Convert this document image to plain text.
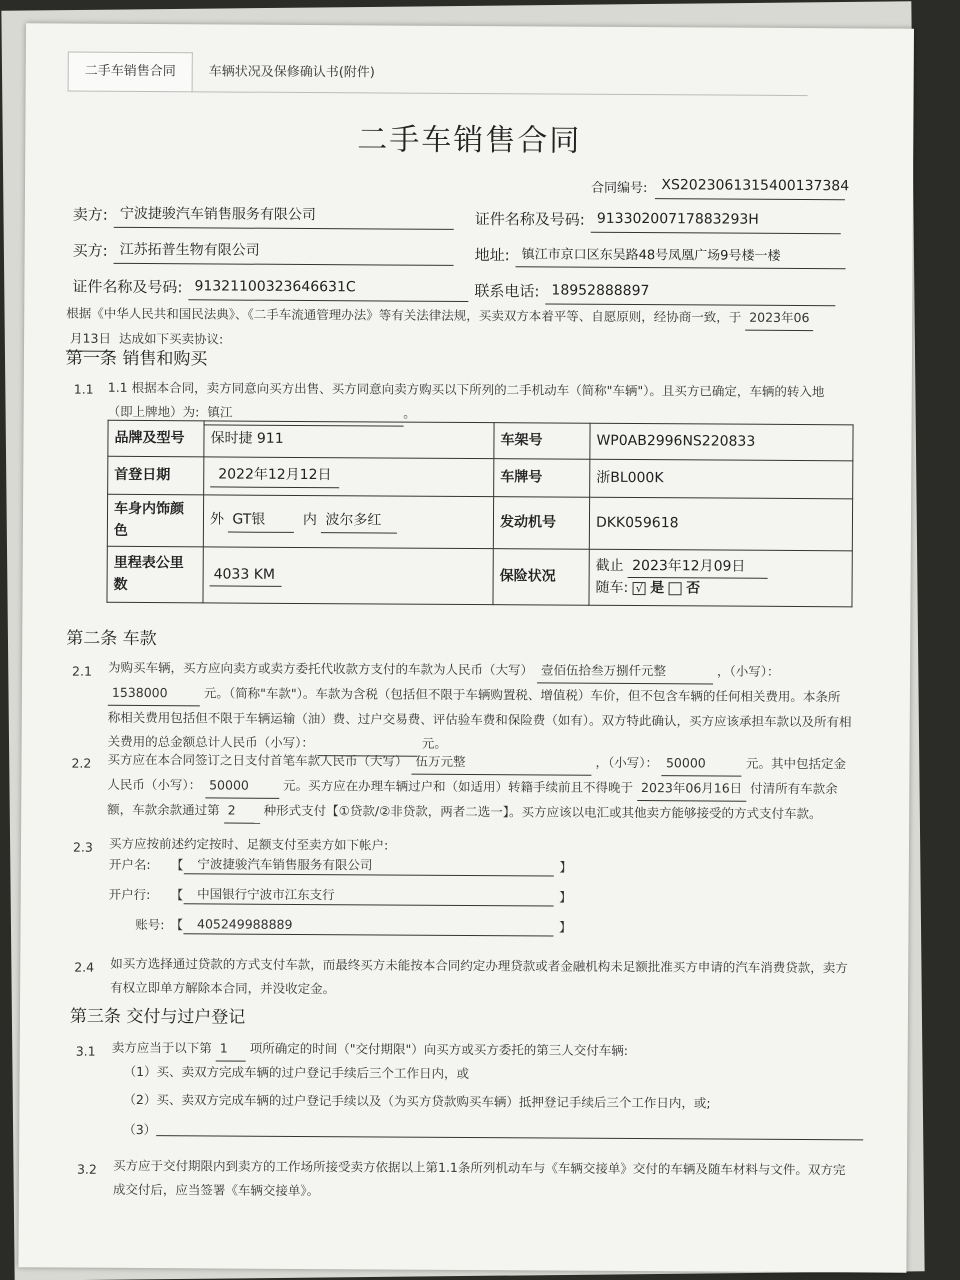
二手车销售合同	车辆状况及保修确认书(附件)
二手车销售合同
合同编号: XS2023061315400137384
卖方: 宁波捷骏汽车销售服务有限公司	证件名称及号码: 91330200717883293H
买方: 江苏拓普生物有限公司	地址: 镇江市京口区东吴路48号凤凰广场9号楼一楼
证件名称及号码: 91321100323646631C	联系电话: 18952888897
根据《中华人民共和国民法典》、《二手车流通管理办法》等有关法律法规，买卖双方本着平等、自愿原则，经协商一致，于 2023年06
月13日 达成如下买卖协议:
第一条 销售和购买
1.1 1.1 根据本合同，卖方同意向买方出售、买方同意向卖方购买以下所列的二手机动车（简称"车辆"）。且买方已确定，车辆的转入地（即上牌地）为: 镇江	。
品牌及型号	保时捷 911	车架号	WP0AB2996NS220833
首登日期	2022年12月12日	车牌号	浙BL000K
车身内饰颜色	外 GT银 内 波尔多红	发动机号	DKK059618
里程表公里数	4033 KM	保险状况	截止 2023年12月09日
随车: √ 是 否
第二条 车款
2.1 为购买车辆，买方应向卖方或卖方委托代收款方支付的车款为人民币（大写） 壹佰伍拾叁万捌仟元整	，（小写）： 1538000	元。（简称"车款"）。车款为含税（包括但不限于车辆购置税、增值税）车价，但不包含车辆的任何相关费用。本条所称相关费用包括但不限于车辆运输（油）费、过户交易费、评估验车费和保险费（如有）。双方特此确认，买方应该承担车款以及所有相关费用的总金额总计人民币（小写）：	元。
2.2 买方应在本合同签订之日支付首笔车款人民币（大写） 伍万元整	，（小写）： 50000	元。其中包括定金人民币（小写）： 50000	元。买方应在办理车辆过户和（如适用）转籍手续前且不得晚于 2023年06月16日 付清所有车款余额，车款余款通过第 2 种形式支付【①贷款/②非贷款，两者二选一】。买方应该以电汇或其他卖方能够接受的方式支付车款。
2.3 买方应按前述约定按时、足额支付至卖方如下帐户:
开户名:	【	宁波捷骏汽车销售服务有限公司	】
开户行:	【	中国银行宁波市江东支行	】
账号: 【	405249988889	】
2.4 如买方选择通过贷款的方式支付车款，而最终买方未能按本合同约定办理贷款或者金融机构未足额批准买方申请的汽车消费贷款，卖方有权立即单方解除本合同，并没收定金。
第三条 交付与过户登记
3.1 卖方应当于以下第 1 项所确定的时间（"交付期限"）向买方或买方委托的第三人交付车辆:
（1）买、卖双方完成车辆的过户登记手续后三个工作日内，或
（2）买、卖双方完成车辆的过户登记手续以及（为买方贷款购买车辆）抵押登记手续后三个工作日内，或;
（3）
3.2 买方应于交付期限内到卖方的工作场所接受卖方依据以上第1.1条所列机动车与《车辆交接单》交付的车辆及随车材料与文件。双方完成交付后，应当签署《车辆交接单》。
